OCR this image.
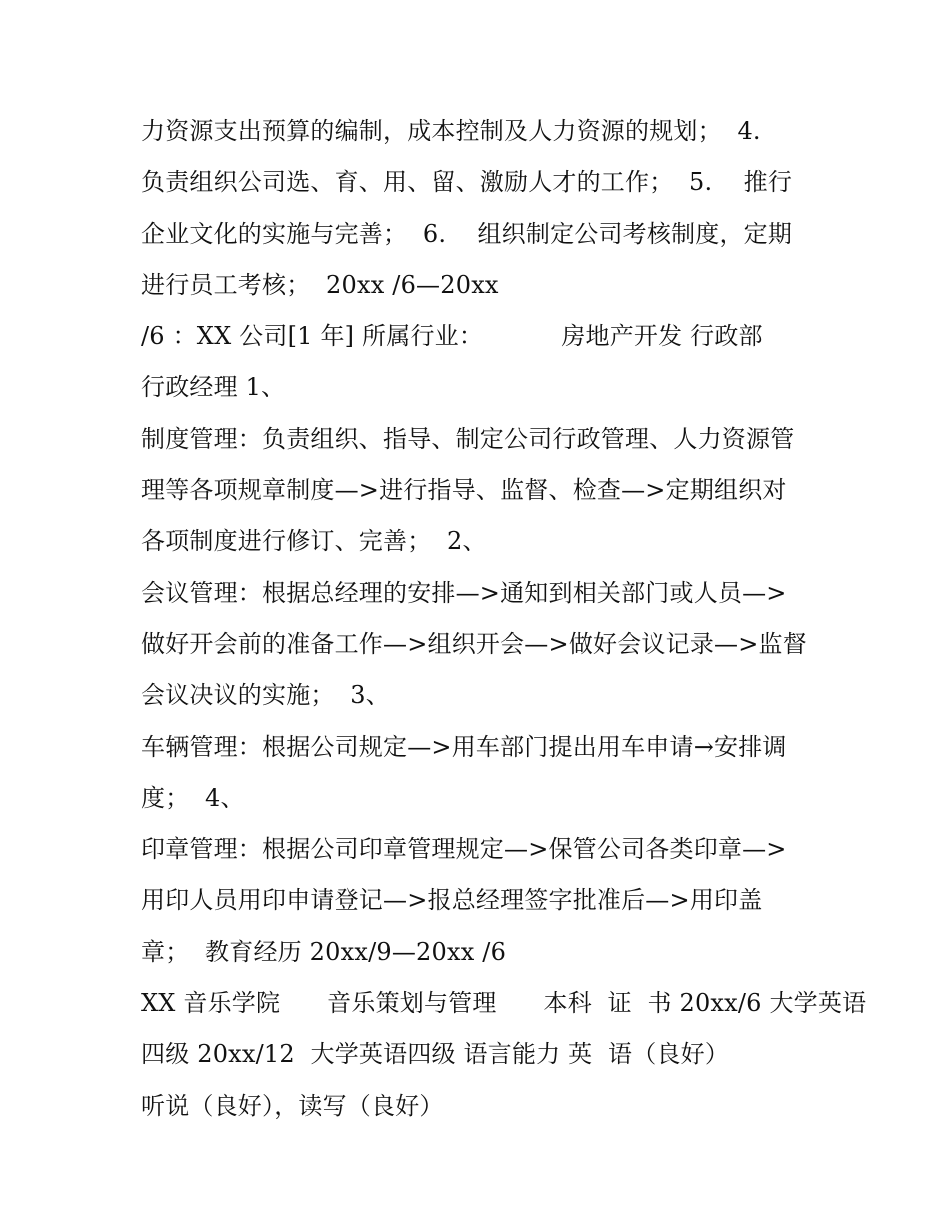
力资源支出预算的编制，成本控制及人力资源的规划；  4.
负责组织公司选、育、用、留、激励人才的工作；  5.    推行
企业文化的实施与完善；  6.    组织制定公司考核制度，定期
进行员工考核；  20xx /6—20xx
/6 ：XX 公司[1 年] 所属行业：          房地产开发 行政部
行政经理 1、
制度管理：负责组织、指导、制定公司行政管理、人力资源管
理等各项规章制度—>进行指导、监督、检查—>定期组织对
各项制度进行修订、完善；  2、
会议管理：根据总经理的安排—>通知到相关部门或人员—>
做好开会前的准备工作—>组织开会—>做好会议记录—>监督
会议决议的实施；  3、
车辆管理：根据公司规定—>用车部门提出用车申请→安排调
度；  4、
印章管理：根据公司印章管理规定—>保管公司各类印章—>
用印人员用印申请登记—>报总经理签字批准后—>用印盖
章；  教育经历 20xx/9—20xx /6
XX 音乐学院      音乐策划与管理      本科  证  书 20xx/6 大学英语
四级 20xx/12  大学英语四级 语言能力 英  语（良好）
听说（良好），读写（良好）
